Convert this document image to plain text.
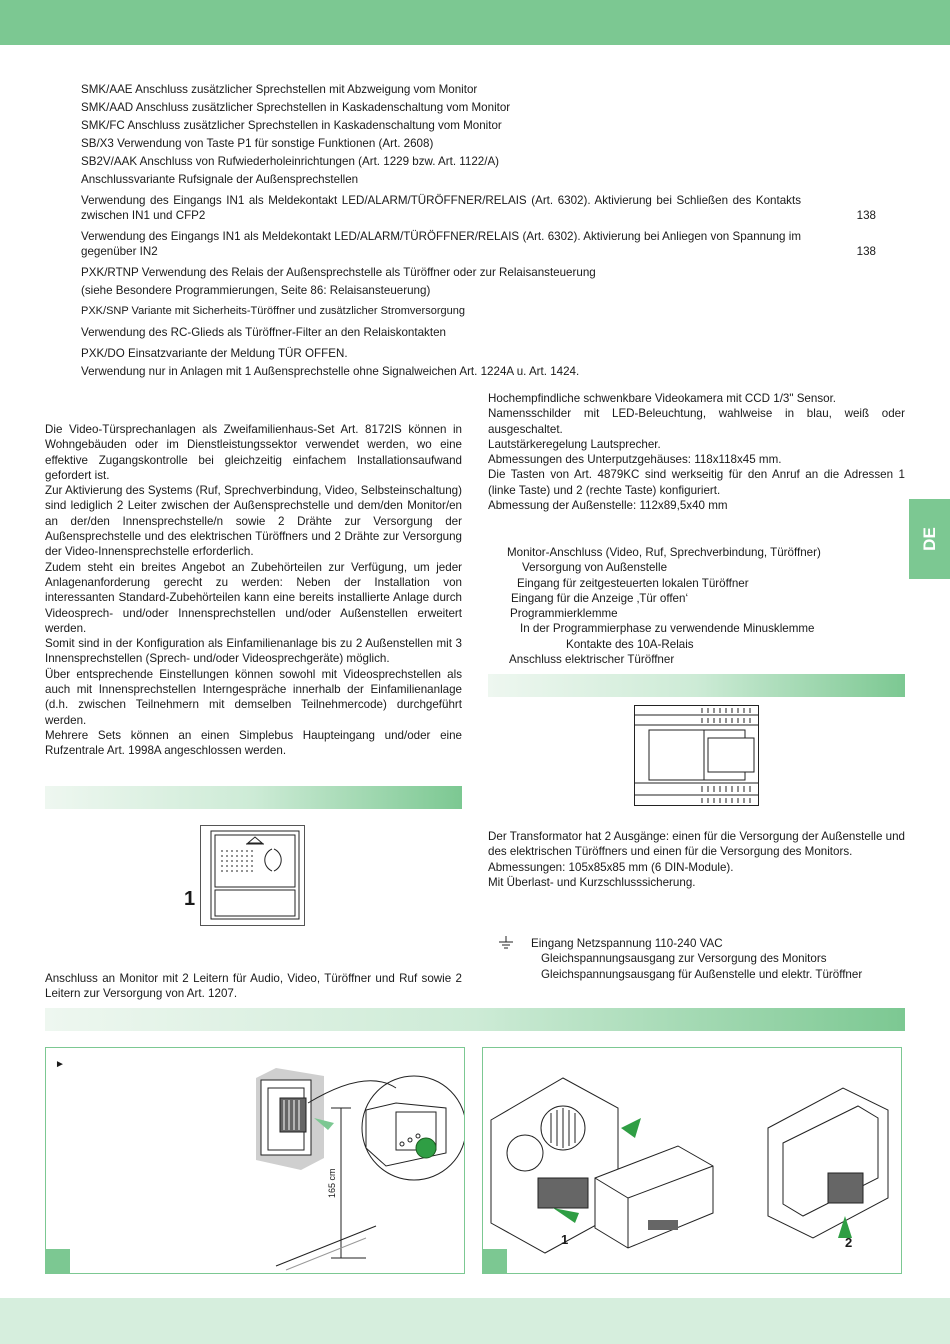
SMK/AAE Anschluss zusätzlicher Sprechstellen mit Abzweigung vom Monitor
SMK/AAD Anschluss zusätzlicher Sprechstellen in Kaskadenschaltung vom Monitor
SMK/FC Anschluss zusätzlicher Sprechstellen in Kaskadenschaltung vom Monitor
SB/X3 Verwendung von Taste P1 für sonstige Funktionen (Art. 2608)
SB2V/AAK Anschluss von Rufwiederholeinrichtungen (Art. 1229 bzw. Art. 1122/A)
Anschlussvariante Rufsignale der Außensprechstellen
Verwendung des Eingangs IN1 als Meldekontakt LED/ALARM/TÜRÖFFNER/RELAIS (Art. 6302). Aktivierung bei Schließen des Kontakts zwischen IN1 und CFP2	138
Verwendung des Eingangs IN1 als Meldekontakt LED/ALARM/TÜRÖFFNER/RELAIS (Art. 6302). Aktivierung bei Anliegen von Spannung im gegenüber IN2	138
PXK/RTNP Verwendung des Relais der Außensprechstelle als Türöffner oder zur Relaisansteuerung
(siehe Besondere Programmierungen, Seite 86: Relaisansteuerung)
PXK/SNP Variante mit Sicherheits-Türöffner und zusätzlicher Stromversorgung
Verwendung des RC-Glieds als Türöffner-Filter an den Relaiskontakten
PXK/DO Einsatzvariante der Meldung TÜR OFFEN.
Verwendung nur in Anlagen mit 1 Außensprechstelle ohne Signalweichen Art. 1224A u. Art. 1424.

Die Video-Türsprechanlagen als Zweifamilienhaus-Set Art. 8172IS können in Wohngebäuden oder im Dienstleistungssektor verwendet werden, wo eine effektive Zugangskontrolle bei gleichzeitig einfachem Installationsaufwand gefordert ist.

Zur Aktivierung des Systems (Ruf, Sprechverbindung, Video, Selbsteinschaltung) sind lediglich 2 Leiter zwischen der Außensprechstelle und dem/den Monitor/en an der/den Innensprechstelle/n sowie 2 Drähte zur Versorgung der Außensprechstelle und des elektrischen Türöffners und 2 Drähte zur Versorgung der Video-Innensprechstelle erforderlich.

Zudem steht ein breites Angebot an Zubehörteilen zur Verfügung, um jeder Anlagenanforderung gerecht zu werden: Neben der Installation von interessanten Standard-Zubehörteilen kann eine bereits installierte Anlage durch Videosprech- und/oder Innensprechstellen und/oder Außenstellen erweitert werden.

Somit sind in der Konfiguration als Einfamilienanlage bis zu 2 Außenstellen mit 3 Innensprechstellen (Sprech- und/oder Videosprechgeräte) möglich.

Über entsprechende Einstellungen können sowohl mit Videosprechstellen als auch mit Innensprechstellen Interngespräche innerhalb der Einfamilienanlage (d.h. zwischen Teilnehmern mit demselben Teilnehmercode) durchgeführt werden.

Mehrere Sets können an einen Simplebus Haupteingang und/oder eine Rufzentrale Art. 1998A angeschlossen werden.

Hochempfindliche schwenkbare Videokamera mit CCD 1/3" Sensor.

Namensschilder mit LED-Beleuchtung, wahlweise in blau, weiß oder ausgeschaltet.

Lautstärkeregelung Lautsprecher.

Abmessungen des Unterputzgehäuses: 118x118x45 mm.

Die Tasten von Art. 4879KC sind werkseitig für den Anruf an die Adressen 1 (linke Taste) und 2 (rechte Taste) konfiguriert.

Abmessung der Außenstelle: 112x89,5x40 mm

DE
Monitor-Anschluss (Video, Ruf, Sprechverbindung, Türöffner)
Versorgung von Außenstelle
Eingang für zeitgesteuerten lokalen Türöffner
Eingang für die Anzeige ‚Tür offen‘
Programmierklemme
In der Programmierphase zu verwendende Minusklemme
Kontakte des 10A-Relais
Anschluss elektrischer Türöffner

Der Transformator hat 2 Ausgänge: einen für die Versorgung der Außenstelle und des elektrischen Türöffners und einen für die Versorgung des Monitors.

Abmessungen: 105x85x85 mm (6 DIN-Module).

Mit Überlast- und Kurzschlusssicherung.

Eingang Netzspannung 110-240 VAC
Gleichspannungsausgang zur Versorgung des Monitors
Gleichspannungsausgang für Außenstelle und elektr. Türöffner
1
Anschluss an Monitor mit 2 Leitern für Audio, Video, Türöffner und Ruf sowie 2 Leitern zur Versorgung von Art. 1207.
►
165 cm
1	2
